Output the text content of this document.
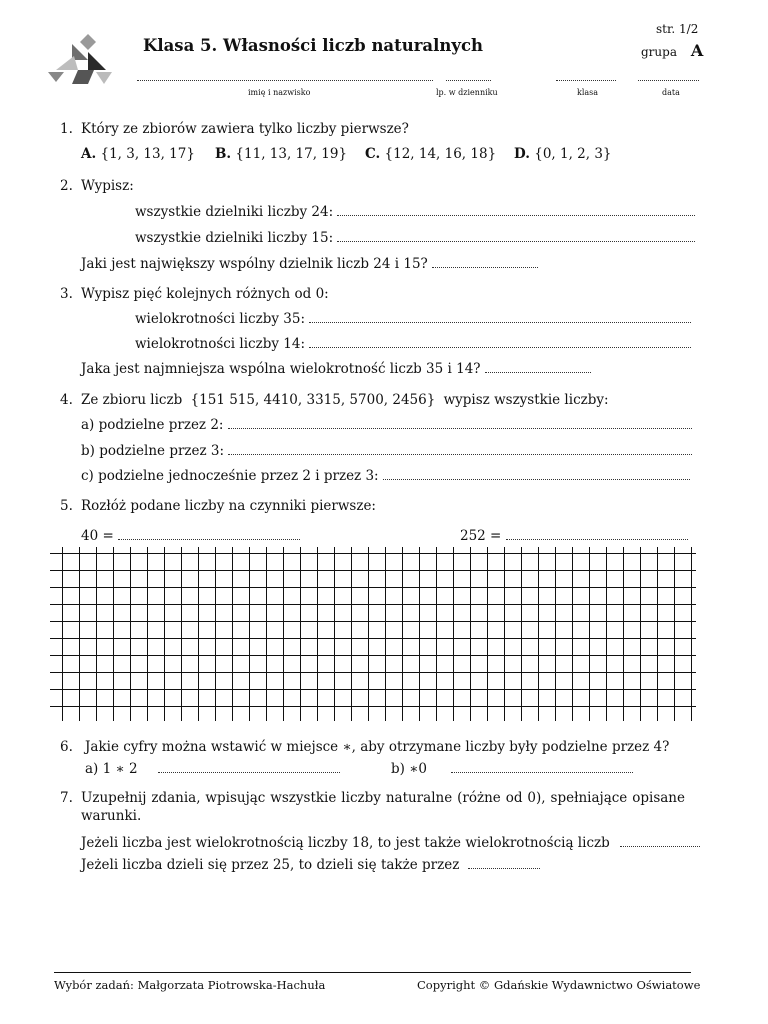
Klasa 5. Własności liczb naturalnych
str. 1/2
grupa A
imię i nazwisko	lp. w dzienniku	klasa	data
1. Który ze zbiorów zawiera tylko liczby pierwsze?
A. {1, 3, 13, 17} B. {11, 13, 17, 19} C. {12, 14, 16, 18} D. {0, 1, 2, 3}
2. Wypisz:
wszystkie dzielniki liczby 24:
wszystkie dzielniki liczby 15:
Jaki jest największy wspólny dzielnik liczb 24 i 15?
3. Wypisz pięć kolejnych różnych od 0:
wielokrotności liczby 35:
wielokrotności liczby 14:
Jaka jest najmniejsza wspólna wielokrotność liczb 35 i 14?
4. Ze zbioru liczb {151 515, 4410, 3315, 5700, 2456} wypisz wszystkie liczby:
a) podzielne przez 2:
b) podzielne przez 3:
c) podzielne jednocześnie przez 2 i przez 3:
5. Rozłóż podane liczby na czynniki pierwsze:
40 =	252 =
6. Jakie cyfry można wstawić w miejsce ∗, aby otrzymane liczby były podzielne przez 4?
a) 1 ∗ 2	b) ∗0
7. Uzupełnij zdania, wpisując wszystkie liczby naturalne (różne od 0), spełniające opisane
warunki.
Jeżeli liczba jest wielokrotnością liczby 18, to jest także wielokrotnością liczb
Jeżeli liczba dzieli się przez 25, to dzieli się także przez
Wybór zadań: Małgorzata Piotrowska-Hachuła	Copyright © Gdańskie Wydawnictwo Oświatowe
